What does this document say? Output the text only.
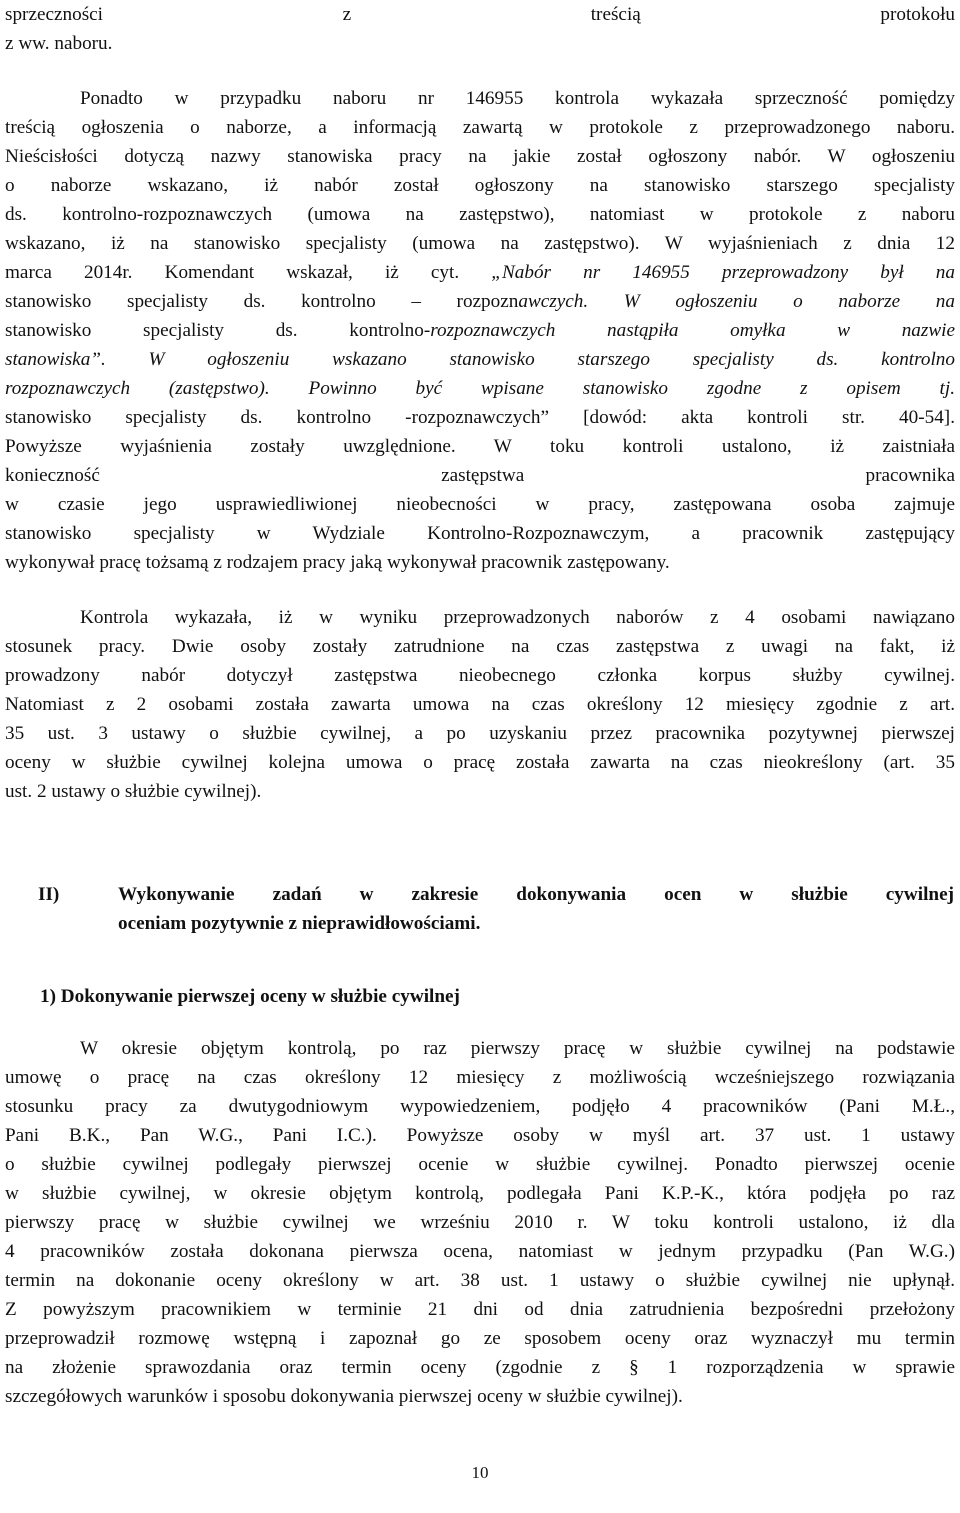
sprzeczności	z	treścią	protokołu
z ww. naboru.
Ponadto w przypadku naboru nr 146955 kontrola wykazała sprzeczność pomiędzy
treścią ogłoszenia o naborze, a informacją zawartą w protokole z przeprowadzonego naboru.
Nieścisłości dotyczą nazwy stanowiska pracy na jakie został ogłoszony nabór. W ogłoszeniu
o naborze wskazano, iż nabór został ogłoszony na stanowisko starszego specjalisty
ds. kontrolno-rozpoznawczych (umowa na zastępstwo), natomiast w protokole z naboru
wskazano, iż na stanowisko specjalisty (umowa na zastępstwo). W wyjaśnieniach z dnia 12
marca 2014r. Komendant wskazał, iż cyt. „Nabór nr 146955 przeprowadzony był na
stanowisko specjalisty ds. kontrolno – rozpoznawczych. W ogłoszeniu o naborze na
stanowisko specjalisty ds. kontrolno-rozpoznawczych nastąpiła omyłka w nazwie
stanowiska”. W ogłoszeniu wskazano stanowisko starszego specjalisty ds. kontrolno
rozpoznawczych (zastępstwo). Powinno być wpisane stanowisko zgodne z opisem tj.
stanowisko specjalisty ds. kontrolno -rozpoznawczych” [dowód: akta kontroli str. 40-54].
Powyższe wyjaśnienia zostały uwzględnione. W toku kontroli ustalono, iż zaistniała
konieczność	zastępstwa	pracownika
w czasie jego usprawiedliwionej nieobecności w pracy, zastępowana osoba zajmuje
stanowisko specjalisty w Wydziale Kontrolno-Rozpoznawczym, a pracownik zastępujący
wykonywał pracę tożsamą z rodzajem pracy jaką wykonywał pracownik zastępowany.
Kontrola wykazała, iż w wyniku przeprowadzonych naborów z 4 osobami nawiązano
stosunek pracy. Dwie osoby zostały zatrudnione na czas zastępstwa z uwagi na fakt, iż
prowadzony nabór dotyczył zastępstwa nieobecnego członka korpus służby cywilnej.
Natomiast z 2 osobami została zawarta umowa na czas określony 12 miesięcy zgodnie z art.
35 ust. 3 ustawy o służbie cywilnej, a po uzyskaniu przez pracownika pozytywnej pierwszej
oceny w służbie cywilnej kolejna umowa o pracę została zawarta na czas nieokreślony (art. 35
ust. 2 ustawy o służbie cywilnej).
II)	Wykonywanie zadań w zakresie dokonywania ocen w służbie cywilnej
oceniam pozytywnie z nieprawidłowościami.
1) Dokonywanie pierwszej oceny w służbie cywilnej
W okresie objętym kontrolą, po raz pierwszy pracę w służbie cywilnej na podstawie
umowę o pracę na czas określony 12 miesięcy z możliwością wcześniejszego rozwiązania
stosunku pracy za dwutygodniowym wypowiedzeniem, podjęło 4 pracowników (Pani M.Ł.,
Pani B.K., Pan W.G., Pani I.C.). Powyższe osoby w myśl art. 37 ust. 1 ustawy
o służbie cywilnej podlegały pierwszej ocenie w służbie cywilnej. Ponadto pierwszej ocenie
w służbie cywilnej, w okresie objętym kontrolą, podlegała Pani K.P.-K., która podjęła po raz
pierwszy pracę w służbie cywilnej we wrześniu 2010 r. W toku kontroli ustalono, iż dla
4 pracowników została dokonana pierwsza ocena, natomiast w jednym przypadku (Pan W.G.)
termin na dokonanie oceny określony w art. 38 ust. 1 ustawy o służbie cywilnej nie upłynął.
Z powyższym pracownikiem w terminie 21 dni od dnia zatrudnienia bezpośredni przełożony
przeprowadził rozmowę wstępną i zapoznał go ze sposobem oceny oraz wyznaczył mu termin
na złożenie sprawozdania oraz termin oceny (zgodnie z § 1 rozporządzenia w sprawie
szczegółowych warunków i sposobu dokonywania pierwszej oceny w służbie cywilnej).
10
